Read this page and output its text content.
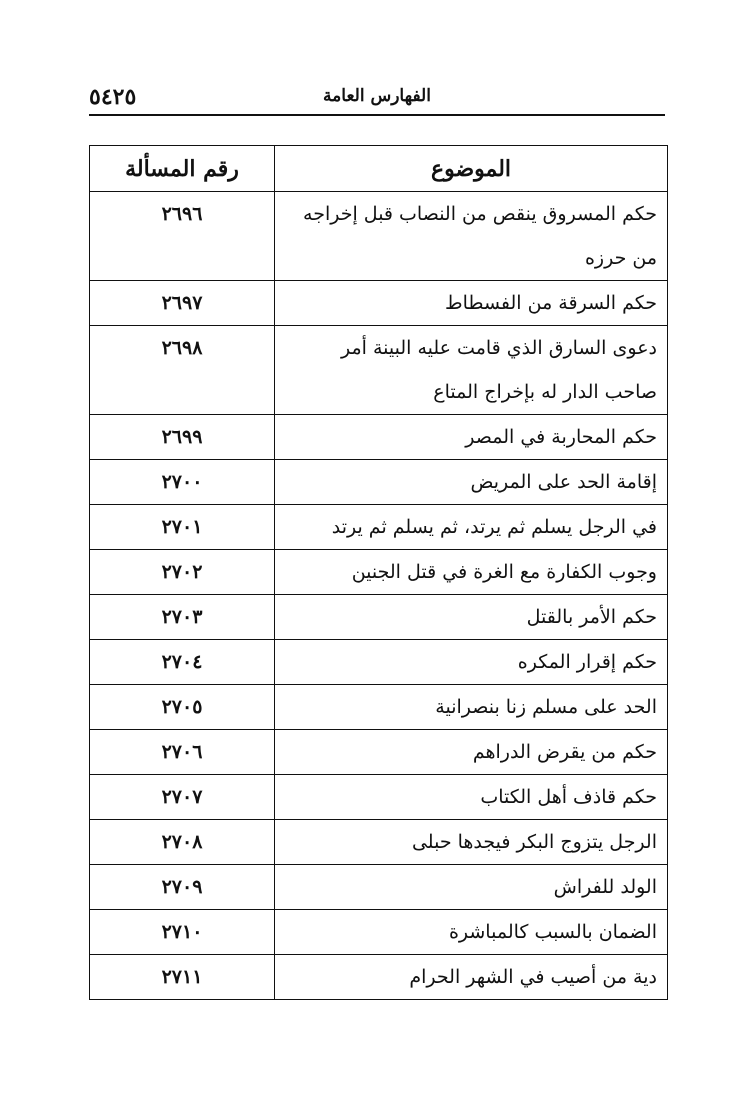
٥٤٢٥	الفهارس العامة
الموضوع	رقم المسألة
حكم المسروق ينقص من النصاب قبل إخراجه من حرزه	٢٦٩٦
حكم السرقة من الفسطاط	٢٦٩٧
دعوى السارق الذي قامت عليه البينة أمر صاحب الدار له بإخراج المتاع	٢٦٩٨
حكم المحاربة في المصر	٢٦٩٩
إقامة الحد على المريض	٢٧٠٠
في الرجل يسلم ثم يرتد، ثم يسلم ثم يرتد	٢٧٠١
وجوب الكفارة مع الغرة في قتل الجنين	٢٧٠٢
حكم الأمر بالقتل	٢٧٠٣
حكم إقرار المكره	٢٧٠٤
الحد على مسلم زنا بنصرانية	٢٧٠٥
حكم من يقرض الدراهم	٢٧٠٦
حكم قاذف أهل الكتاب	٢٧٠٧
الرجل يتزوج البكر فيجدها حبلى	٢٧٠٨
الولد للفراش	٢٧٠٩
الضمان بالسبب كالمباشرة	٢٧١٠
دية من أصيب في الشهر الحرام	٢٧١١
